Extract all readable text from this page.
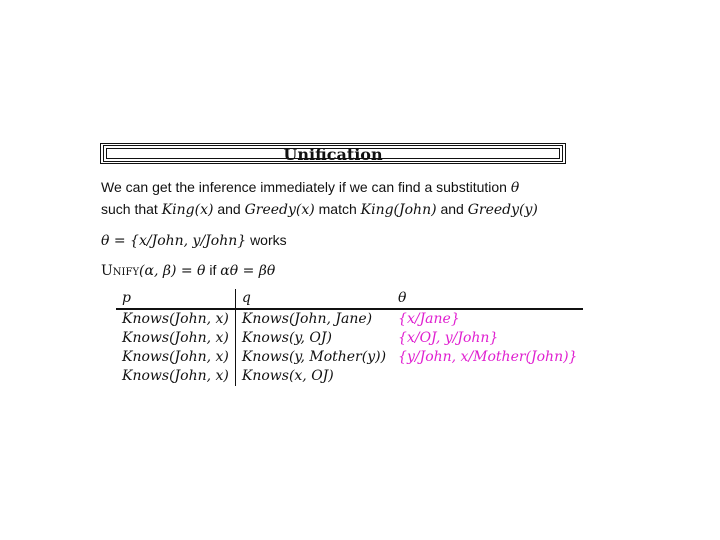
Unification
We can get the inference immediately if we can find a substitution θ
such that King(x) and Greedy(x) match King(John) and Greedy(y)
θ = {x/John, y/John} works
Unify(α, β) = θ if αθ = βθ
p	q	θ
Knows(John, x)	Knows(John, Jane)	{x/Jane}
Knows(John, x)	Knows(y, OJ)	{x/OJ, y/John}
Knows(John, x)	Knows(y, Mother(y))	{y/John, x/Mother(John)}
Knows(John, x)	Knows(x, OJ)	
